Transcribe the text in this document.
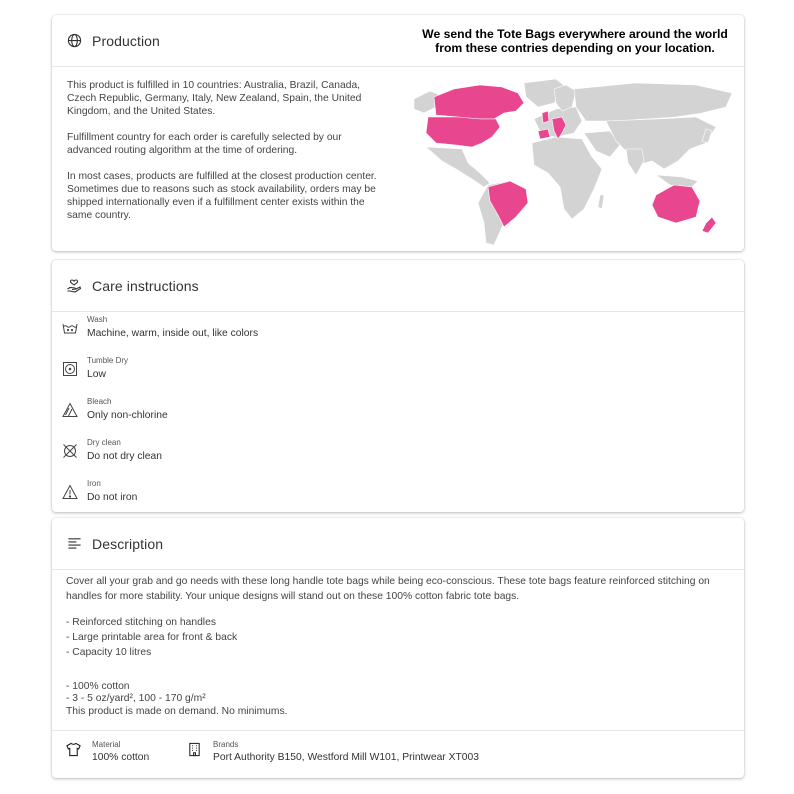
Production	We send the Tote Bags everywhere around the world
from these contries depending on your location.

This product is fulfilled in 10 countries: Australia, Brazil, Canada, Czech Republic, Germany, Italy, New Zealand, Spain, the United Kingdom, and the United States.

Fulfillment country for each order is carefully selected by our advanced routing algorithm at the time of ordering.

In most cases, products are fulfilled at the closest production center. Sometimes due to reasons such as stock availability, orders may be shipped internationally even if a fulfillment center exists within the same country.

Care instructions
Wash
Machine, warm, inside out, like colors
Tumble Dry
Low
Bleach
Only non-chlorine
Dry clean
Do not dry clean
Iron
Do not iron
Description

Cover all your grab and go needs with these long handle tote bags while being eco-conscious. These tote bags feature reinforced stitching on handles for more stability. Your unique designs will stand out on these 100% cotton fabric tote bags.

- Reinforced stitching on handles

- Large printable area for front & back

- Capacity 10 litres

- 100% cotton

- 3 - 5 oz/yard², 100 - 170 g/m²

This product is made on demand. No minimums.

Material
100% cotton
Brands
Port Authority B150, Westford Mill W101, Printwear XT003
